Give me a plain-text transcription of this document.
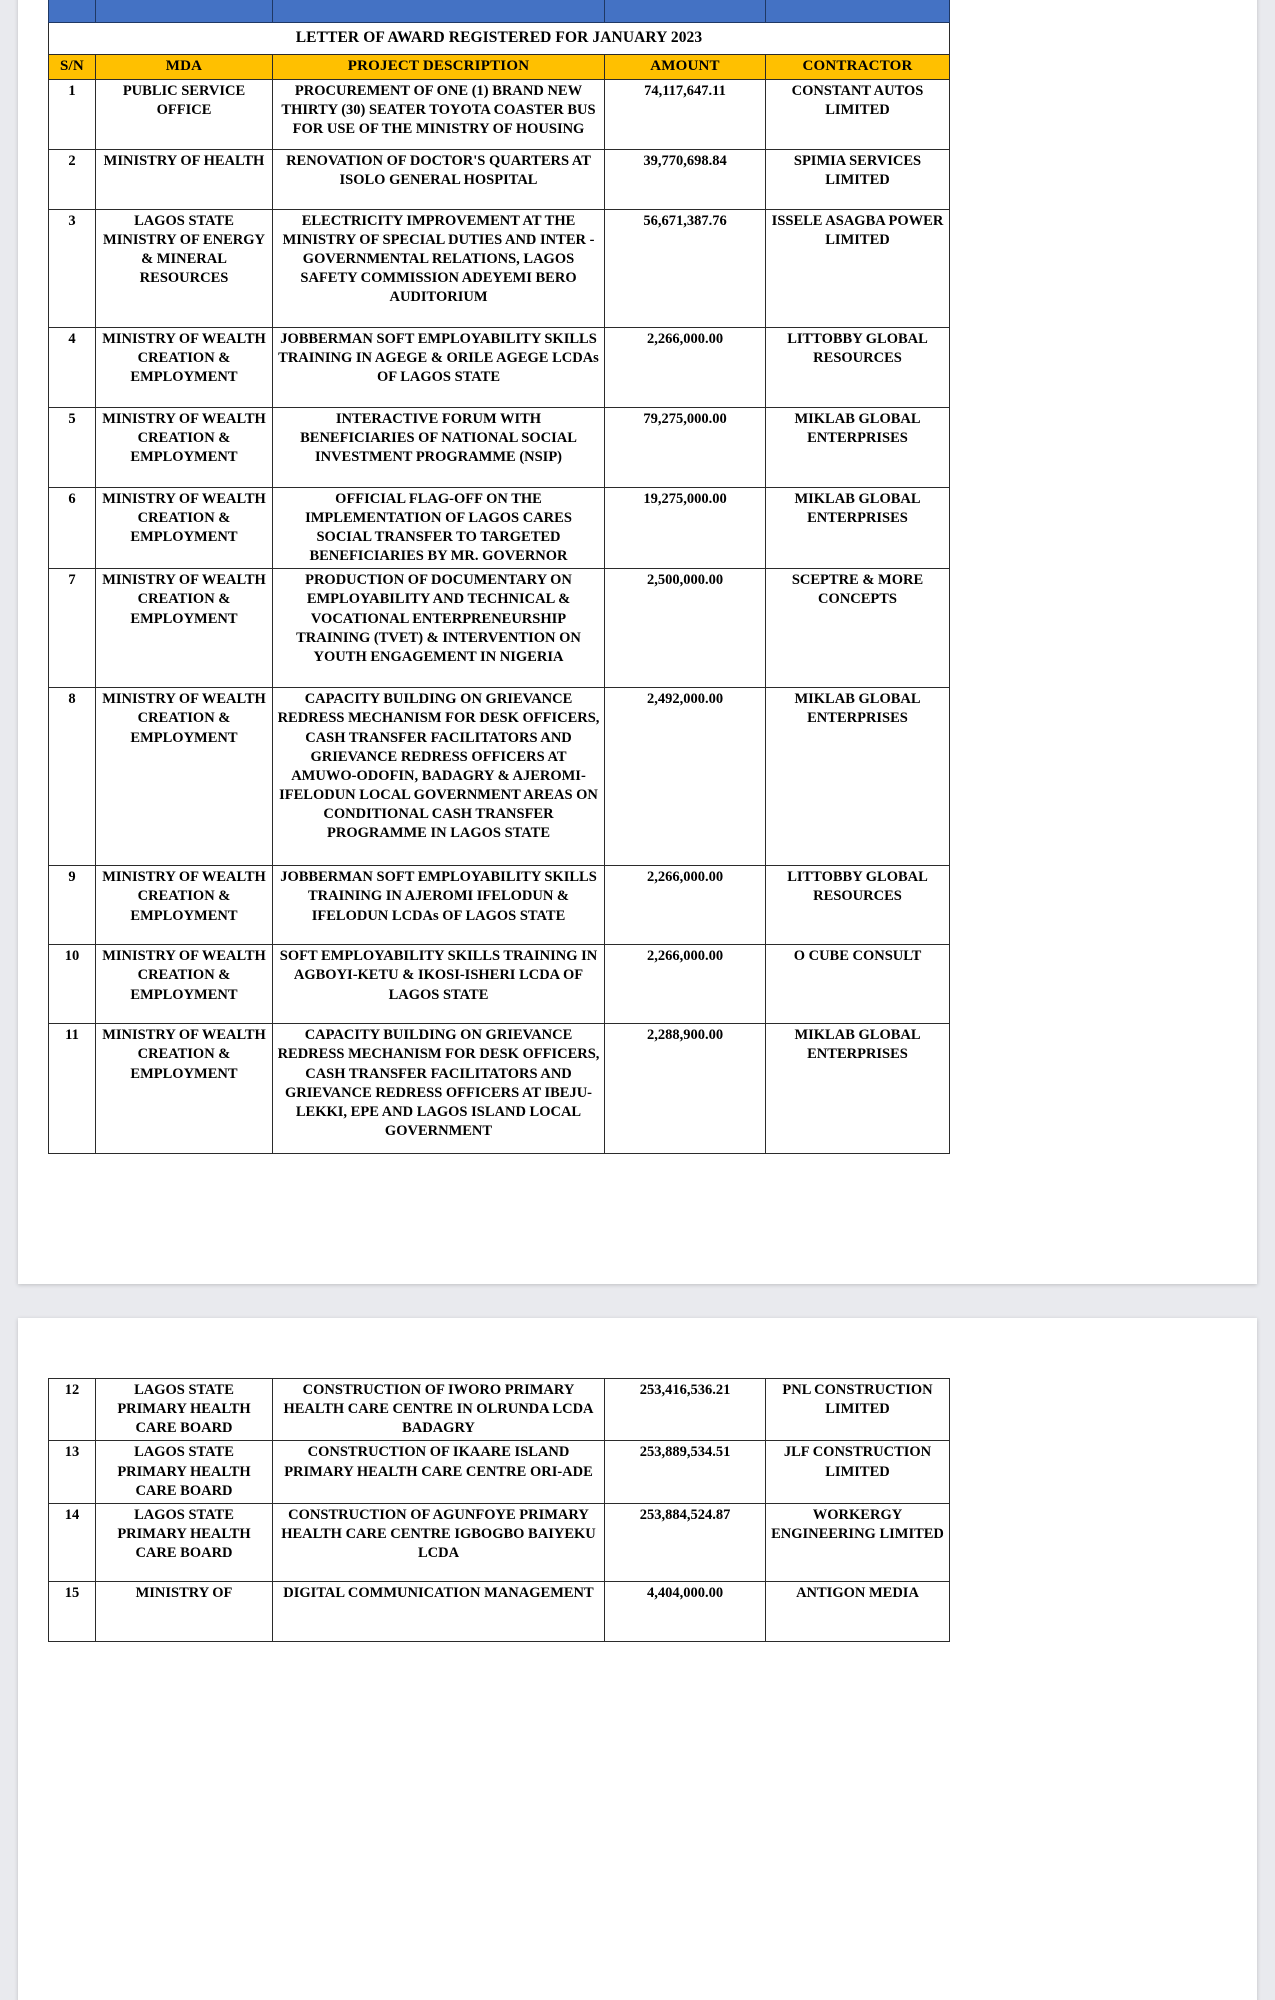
LETTER OF AWARD REGISTERED FOR JANUARY 2023				
S/N	MDA	PROJECT DESCRIPTION	AMOUNT	CONTRACTOR
1	PUBLIC SERVICE OFFICE	PROCUREMENT OF ONE (1) BRAND NEW THIRTY (30) SEATER TOYOTA COASTER BUS FOR USE OF THE MINISTRY OF HOUSING	74,117,647.11	CONSTANT AUTOS LIMITED
2	MINISTRY OF HEALTH	RENOVATION OF DOCTOR'S QUARTERS AT ISOLO GENERAL HOSPITAL	39,770,698.84	SPIMIA SERVICES LIMITED
3	LAGOS STATE MINISTRY OF ENERGY & MINERAL RESOURCES	ELECTRICITY IMPROVEMENT AT THE MINISTRY OF SPECIAL DUTIES AND INTER - GOVERNMENTAL RELATIONS, LAGOS SAFETY COMMISSION ADEYEMI BERO AUDITORIUM	56,671,387.76	ISSELE ASAGBA POWER LIMITED
4	MINISTRY OF WEALTH CREATION & EMPLOYMENT	JOBBERMAN SOFT EMPLOYABILITY SKILLS TRAINING IN AGEGE & ORILE AGEGE LCDAs OF LAGOS STATE	2,266,000.00	LITTOBBY GLOBAL RESOURCES
5	MINISTRY OF WEALTH CREATION & EMPLOYMENT	INTERACTIVE FORUM WITH BENEFICIARIES OF NATIONAL SOCIAL INVESTMENT PROGRAMME (NSIP)	79,275,000.00	MIKLAB GLOBAL ENTERPRISES
6	MINISTRY OF WEALTH CREATION & EMPLOYMENT	OFFICIAL FLAG-OFF ON THE IMPLEMENTATION OF LAGOS CARES SOCIAL TRANSFER TO TARGETED BENEFICIARIES BY MR. GOVERNOR	19,275,000.00	MIKLAB GLOBAL ENTERPRISES
7	MINISTRY OF WEALTH CREATION & EMPLOYMENT	PRODUCTION OF DOCUMENTARY ON EMPLOYABILITY AND TECHNICAL & VOCATIONAL ENTERPRENEURSHIP TRAINING (TVET) & INTERVENTION ON YOUTH ENGAGEMENT IN NIGERIA	2,500,000.00	SCEPTRE & MORE CONCEPTS
8	MINISTRY OF WEALTH CREATION & EMPLOYMENT	CAPACITY BUILDING ON GRIEVANCE REDRESS MECHANISM FOR DESK OFFICERS, CASH TRANSFER FACILITATORS AND GRIEVANCE REDRESS OFFICERS AT AMUWO-ODOFIN, BADAGRY & AJEROMI-IFELODUN LOCAL GOVERNMENT AREAS ON CONDITIONAL CASH TRANSFER PROGRAMME IN LAGOS STATE	2,492,000.00	MIKLAB GLOBAL ENTERPRISES
9	MINISTRY OF WEALTH CREATION & EMPLOYMENT	JOBBERMAN SOFT EMPLOYABILITY SKILLS TRAINING IN AJEROMI IFELODUN & IFELODUN LCDAs OF LAGOS STATE	2,266,000.00	LITTOBBY GLOBAL RESOURCES
10	MINISTRY OF WEALTH CREATION & EMPLOYMENT	SOFT EMPLOYABILITY SKILLS TRAINING IN AGBOYI-KETU & IKOSI-ISHERI LCDA OF LAGOS STATE	2,266,000.00	O CUBE CONSULT
11	MINISTRY OF WEALTH CREATION & EMPLOYMENT	CAPACITY BUILDING ON GRIEVANCE REDRESS MECHANISM FOR DESK OFFICERS, CASH TRANSFER FACILITATORS AND GRIEVANCE REDRESS OFFICERS AT IBEJU-LEKKI, EPE AND LAGOS ISLAND LOCAL GOVERNMENT	2,288,900.00	MIKLAB GLOBAL ENTERPRISES
12	LAGOS STATE PRIMARY HEALTH CARE BOARD	CONSTRUCTION OF IWORO PRIMARY HEALTH CARE CENTRE IN OLRUNDA LCDA BADAGRY	253,416,536.21	PNL CONSTRUCTION LIMITED
13	LAGOS STATE PRIMARY HEALTH CARE BOARD	CONSTRUCTION OF IKAARE ISLAND PRIMARY HEALTH CARE CENTRE ORI-ADE	253,889,534.51	JLF CONSTRUCTION LIMITED
14	LAGOS STATE PRIMARY HEALTH CARE BOARD	CONSTRUCTION OF AGUNFOYE PRIMARY HEALTH CARE CENTRE IGBOGBO BAIYEKU LCDA	253,884,524.87	WORKERGY ENGINEERING LIMITED
15	MINISTRY OF	DIGITAL COMMUNICATION MANAGEMENT	4,404,000.00	ANTIGON MEDIA
